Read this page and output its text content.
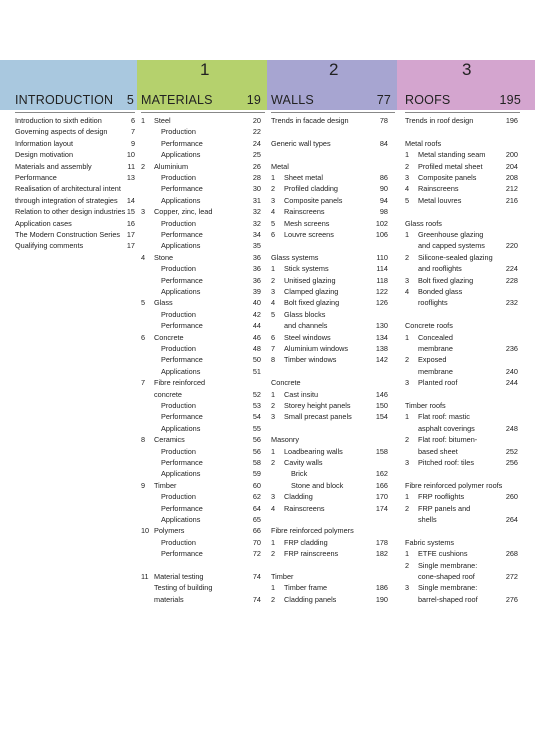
1	2	3
INTRODUCTION 5 MATERIALS	19 WALLS	77 ROOFS	195
Introduction to sixth edition	6
Governing aspects of design	7
Information layout	9
Design motivation	10
Materials and assembly	11
Performance	13
Realisation of architectural intent
through integration of strategies 14
Relation to other design industries 15
Application cases	16
The Modern Construction Series 17
Qualifying comments	17
1 Steel	20
Production	22
Performance	24
Applications	25
2 Aluminium	26
Production	28
Performance	30
Applications	31
3 Copper, zinc, lead	32
Production	32
Performance	34
Applications	35
4 Stone	36
Production	36
Performance	36
Applications	39
5 Glass	40
Production	42
Performance	44
6 Concrete	46
Production	48
Performance	50
Applications	51
7 Fibre reinforced
concrete	52
Production	53
Performance	54
Applications	55
8 Ceramics	56
Production	56
Performance	58
Applications	59
9 Timber	60
Production	62
Performance	64
Applications	65
10 Polymers	66
Production	70
Performance	72
11 Material testing	74
Testing of building
materials	74
Trends in facade design	78
Generic wall types	84
Metal
1 Sheet metal	86
2 Profiled cladding	90
3 Composite panels	94
4 Rainscreens	98
5 Mesh screens	102
6 Louvre screens	106
Glass systems	110
1 Stick systems	114
2 Unitised glazing	118
3 Clamped glazing	122
4 Bolt fixed glazing	126
5 Glass blocks
and channels	130
6 Steel windows	134
7 Aluminium windows	138
8 Timber windows	142
Concrete
1 Cast insitu	146
2 Storey height panels	150
3 Small precast panels	154
Masonry
1 Loadbearing walls	158
2 Cavity walls
Brick	162
Stone and block	166
3 Cladding	170
4 Rainscreens	174
Fibre reinforced polymers
1 FRP cladding	178
2 FRP rainscreens	182
Timber
1 Timber frame	186
2 Cladding panels	190
Trends in roof design	196
Metal roofs
1 Metal standing seam	200
2 Profiled metal sheet	204
3 Composite panels	208
4 Rainscreens	212
5 Metal louvres	216
Glass roofs
1 Greenhouse glazing
and capped systems	220
2 Silicone-sealed glazing
and rooflights	224
3 Bolt fixed glazing	228
4 Bonded glass
rooflights	232
Concrete roofs
1 Concealed
membrane	236
2 Exposed
membrane	240
3 Planted roof	244
Timber roofs
1 Flat roof: mastic
asphalt coverings	248
2 Flat roof: bitumen-
based sheet	252
3 Pitched roof: tiles	256
Fibre reinforced polymer roofs
1 FRP rooflights	260
2 FRP panels and
shells	264
Fabric systems
1 ETFE cushions	268
2 Single membrane:
cone-shaped roof	272
3 Single membrane:
barrel-shaped roof	276
